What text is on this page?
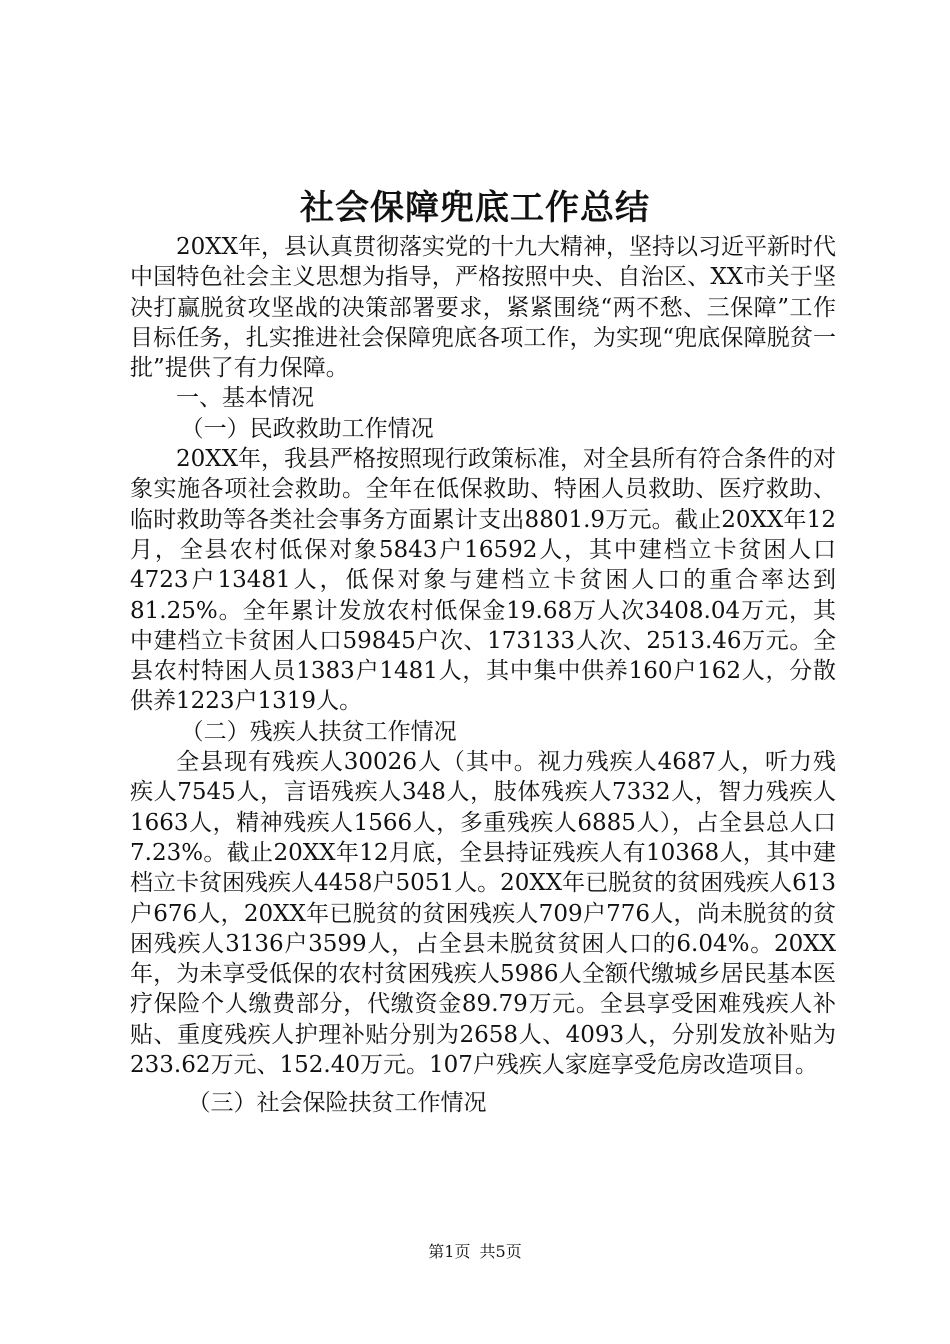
社会保障兜底工作总结

20XX年，县认真贯彻落实党的十九大精神，坚持以习近平新时代中国特色社会主义思想为指导，严格按照中央、自治区、XX市关于坚决打赢脱贫攻坚战的决策部署要求，紧紧围绕“两不愁、三保障”工作目标任务，扎实推进社会保障兜底各项工作，为实现“兜底保障脱贫一批”提供了有力保障。

一、基本情况

（一）民政救助工作情况

20XX年，我县严格按照现行政策标准，对全县所有符合条件的对象实施各项社会救助。全年在低保救助、特困人员救助、医疗救助、临时救助等各类社会事务方面累计支出8801.9万元。截止20XX年12月，全县农村低保对象5843户16592人，其中建档立卡贫困人口4723户13481人，低保对象与建档立卡贫困人口的重合率达到81.25%。全年累计发放农村低保金19.68万人次3408.04万元，其中建档立卡贫困人口59845户次、173133人次、2513.46万元。全县农村特困人员1383户1481人，其中集中供养160户162人，分散供养1223户1319人。

（二）残疾人扶贫工作情况

全县现有残疾人30026人（其中。视力残疾人4687人，听力残疾人7545人，言语残疾人348人，肢体残疾人7332人，智力残疾人1663人，精神残疾人1566人，多重残疾人6885人），占全县总人口7.23%。截止20XX年12月底，全县持证残疾人有10368人，其中建档立卡贫困残疾人4458户5051人。20XX年已脱贫的贫困残疾人613户676人，20XX年已脱贫的贫困残疾人709户776人，尚未脱贫的贫困残疾人3136户3599人，占全县未脱贫贫困人口的6.04%。20XX年，为未享受低保的农村贫困残疾人5986人全额代缴城乡居民基本医疗保险个人缴费部分，代缴资金89.79万元。全县享受困难残疾人补贴、重度残疾人护理补贴分别为2658人、4093人，分别发放补贴为233.62万元、152.40万元。107户残疾人家庭享受危房改造项目。

（三）社会保险扶贫工作情况

第1页 共5页
